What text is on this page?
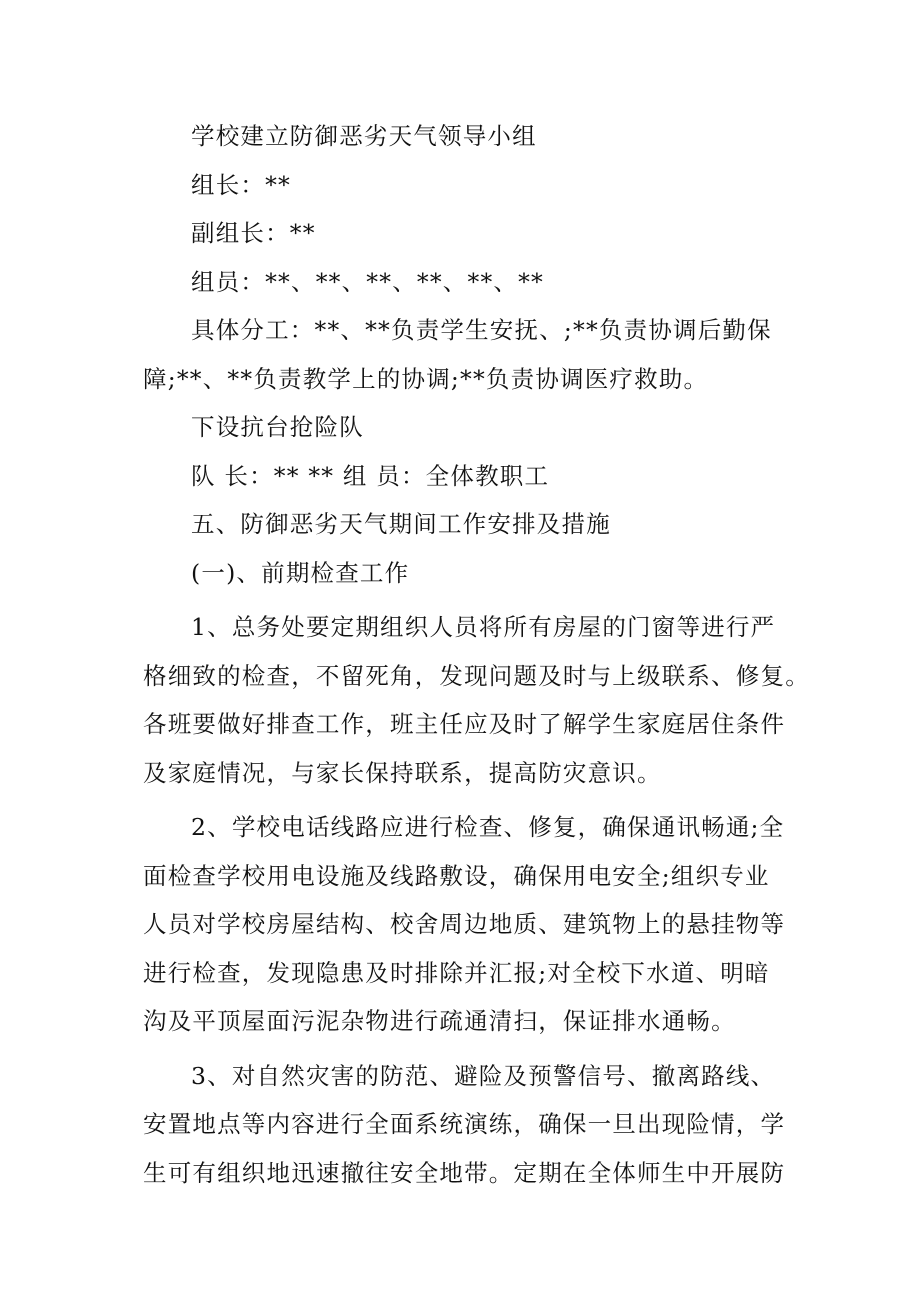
学校建立防御恶劣天气领导小组
组长：**
副组长：**
组员：**、**、**、**、**、**
具体分工：**、**负责学生安抚、;**负责协调后勤保
障;**、**负责教学上的协调;**负责协调医疗救助。
下设抗台抢险队
队 长：** ** 组 员：全体教职工
五、防御恶劣天气期间工作安排及措施
(一)、前期检查工作
1、总务处要定期组织人员将所有房屋的门窗等进行严
格细致的检查，不留死角，发现问题及时与上级联系、修复。
各班要做好排查工作，班主任应及时了解学生家庭居住条件
及家庭情况，与家长保持联系，提高防灾意识。
2、学校电话线路应进行检查、修复，确保通讯畅通;全
面检查学校用电设施及线路敷设，确保用电安全;组织专业
人员对学校房屋结构、校舍周边地质、建筑物上的悬挂物等
进行检查，发现隐患及时排除并汇报;对全校下水道、明暗
沟及平顶屋面污泥杂物进行疏通清扫，保证排水通畅。
3、对自然灾害的防范、避险及预警信号、撤离路线、
安置地点等内容进行全面系统演练，确保一旦出现险情，学
生可有组织地迅速撤往安全地带。定期在全体师生中开展防
